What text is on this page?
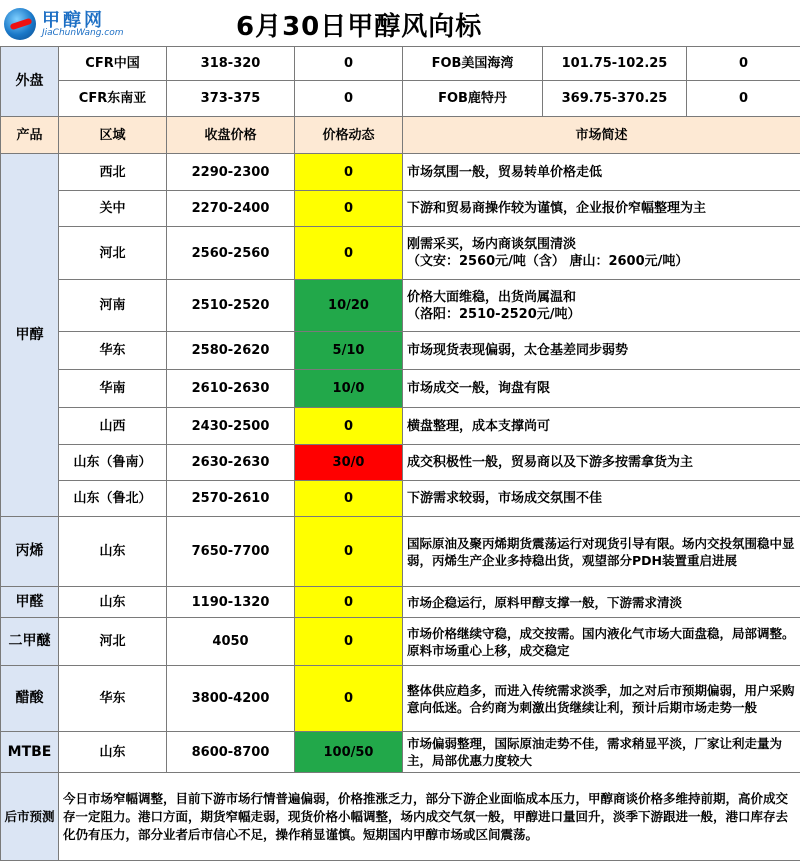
甲醇网
JiaChunWang.com	6月30日甲醇风向标
外盘	CFR中国	318-320	0	FOB美国海湾	101.75-102.25	0
	CFR东南亚	373-375	0	FOB鹿特丹	369.75-370.25	0
产品	区域	收盘价格	价格动态	市场简述		
甲醇	西北	2290-2300	0	市场氛围一般，贸易转单价格走低		
	关中	2270-2400	0	下游和贸易商操作较为谨慎，企业报价窄幅整理为主		
	河北	2560-2560	0	刚需采买，场内商谈氛围清淡
（文安：2560元/吨（含） 唐山：2600元/吨）		

	河南	2510-2520	10/20	价格大面维稳，出货尚属温和
（洛阳：2510-2520元/吨）		

	华东	2580-2620	5/10	市场现货表现偏弱，太仓基差同步弱势		
	华南	2610-2630	10/0	市场成交一般，询盘有限		
	山西	2430-2500	0	横盘整理，成本支撑尚可		
	山东（鲁南）	2630-2630	30/0	成交积极性一般，贸易商以及下游多按需拿货为主		
	山东（鲁北）	2570-2610	0	下游需求较弱，市场成交氛围不佳		
丙烯	山东	7650-7700	0	国际原油及聚丙烯期货震荡运行对现货引导有限。场内交投氛围稳中显弱，丙烯生产企业多持稳出货，观望部分PDH装置重启进展		
甲醛	山东	1190-1320	0	市场企稳运行，原料甲醇支撑一般，下游需求清淡		
二甲醚	河北	4050	0	市场价格继续守稳，成交按需。国内液化气市场大面盘稳，局部调整。原料市场重心上移，成交稳定		
醋酸	华东	3800-4200	0	整体供应趋多，而进入传统需求淡季，加之对后市预期偏弱，用户采购意向低迷。合约商为刺激出货继续让利，预计后期市场走势一般		
MTBE	山东	8600-8700	100/50	市场偏弱整理，国际原油走势不佳，需求稍显平淡，厂家让利走量为主，局部优惠力度较大		
后市预测	今日市场窄幅调整，目前下游市场行情普遍偏弱，价格推涨乏力，部分下游企业面临成本压力，甲醇商谈价格多维持前期，高价成交存一定阻力。港口方面，期货窄幅走弱，现货价格小幅调整，场内成交气氛一般，甲醇进口量回升，淡季下游跟进一般，港口库存去化仍有压力，部分业者后市信心不足，操作稍显谨慎。短期国内甲醇市场或区间震荡。					
